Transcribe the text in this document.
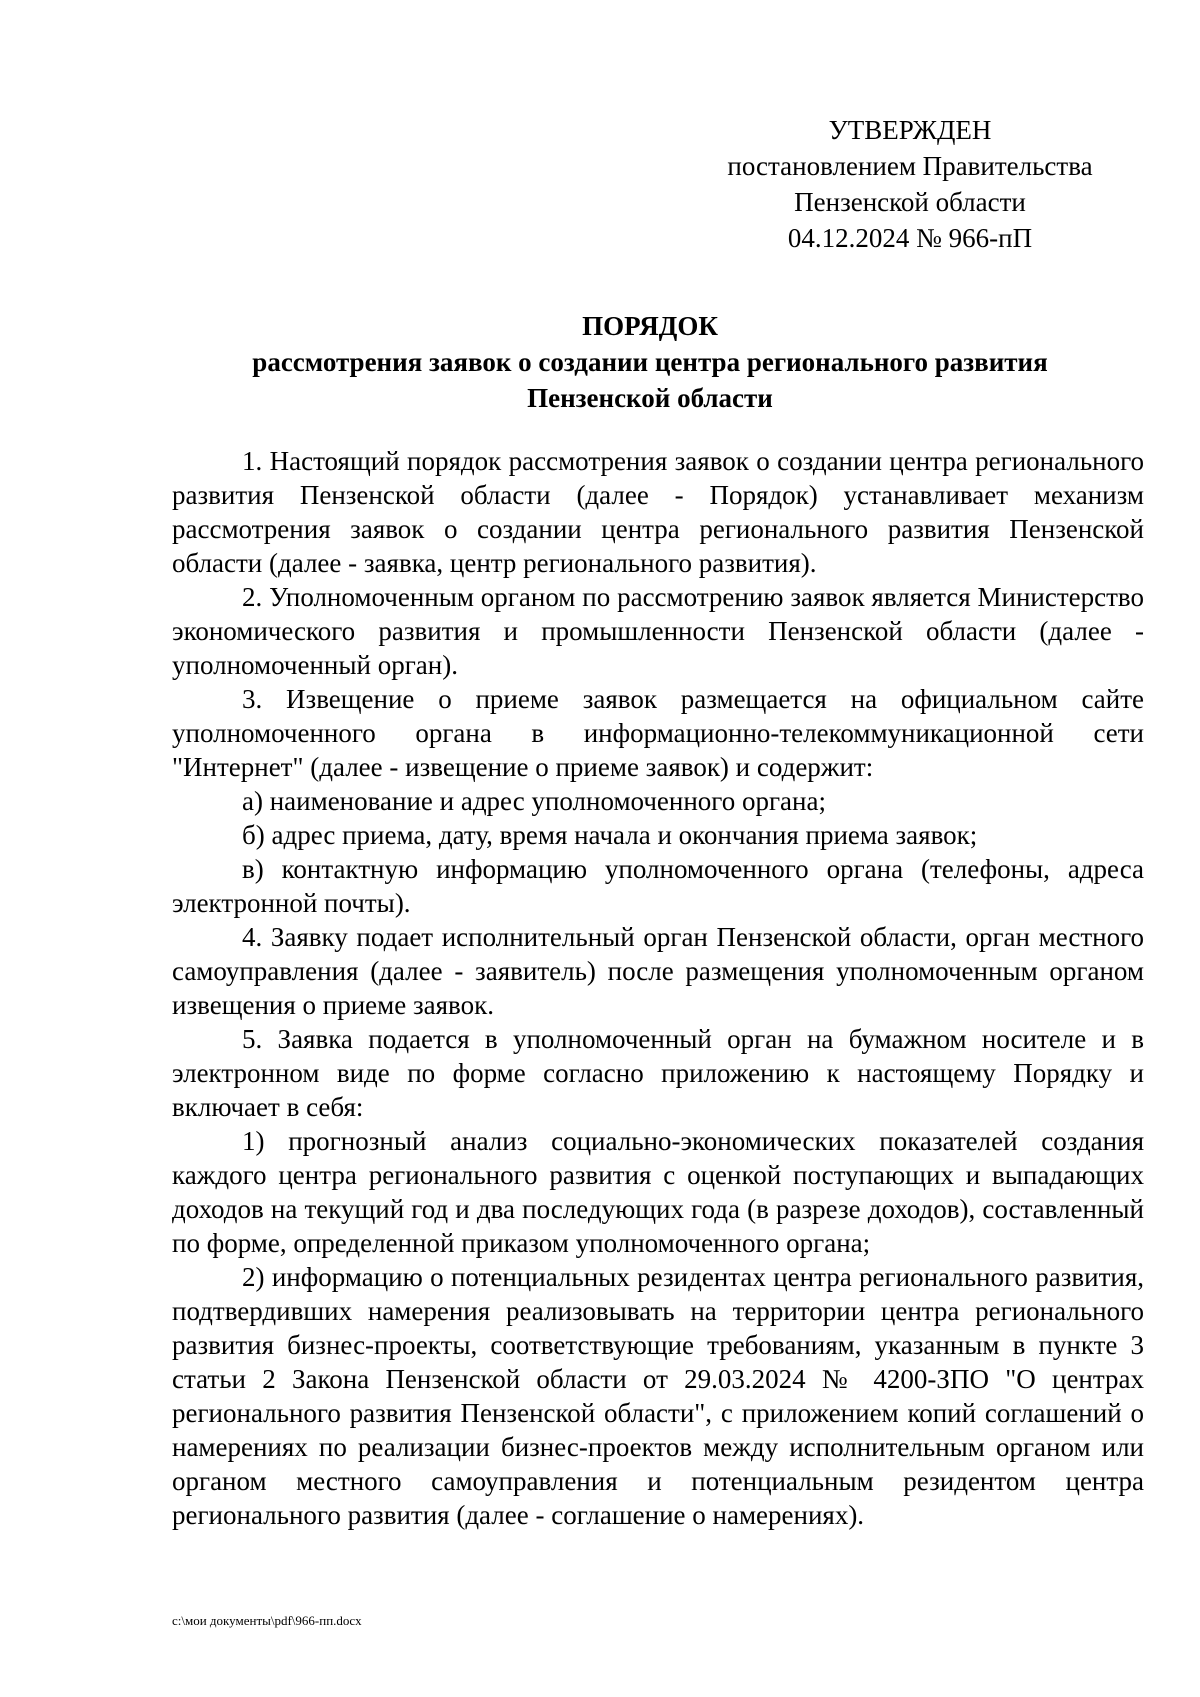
УТВЕРЖДЕН
постановлением Правительства
Пензенской области
04.12.2024 № 966-пП
ПОРЯДОК
рассмотрения заявок о создании центра регионального развития
Пензенской области

1. Настоящий порядок рассмотрения заявок о создании центра регионального развития Пензенской области (далее - Порядок) устанавливает механизм рассмотрения заявок о создании центра регионального развития Пензенской области (далее - заявка, центр регионального развития).

2. Уполномоченным органом по рассмотрению заявок является Министерство экономического развития и промышленности Пензенской области (далее - уполномоченный орган).

3. Извещение о приеме заявок размещается на официальном сайте уполномоченного органа в информационно-телекоммуникационной сети "Интернет" (далее - извещение о приеме заявок) и содержит:

а) наименование и адрес уполномоченного органа;

б) адрес приема, дату, время начала и окончания приема заявок;

в) контактную информацию уполномоченного органа (телефоны, адреса электронной почты).

4. Заявку подает исполнительный орган Пензенской области, орган местного самоуправления (далее - заявитель) после размещения уполномоченным органом извещения о приеме заявок.

5. Заявка подается в уполномоченный орган на бумажном носителе и в электронном виде по форме согласно приложению к настоящему Порядку и включает в себя:

1) прогнозный анализ социально-экономических показателей создания каждого центра регионального развития с оценкой поступающих и выпадающих доходов на текущий год и два последующих года (в разрезе доходов), составленный по форме, определенной приказом уполномоченного органа;

2) информацию о потенциальных резидентах центра регионального развития, подтвердивших намерения реализовывать на территории центра регионального развития бизнес-проекты, соответствующие требованиям, указанным в пункте 3 статьи 2 Закона Пензенской области от 29.03.2024 № 4200-ЗПО "О центрах регионального развития Пензенской области", с приложением копий соглашений о намерениях по реализации бизнес-проектов между исполнительным органом или органом местного самоуправления и потенциальным резидентом центра регионального развития (далее - соглашение о намерениях).

c:\мои документы\pdf\966-пп.docx
